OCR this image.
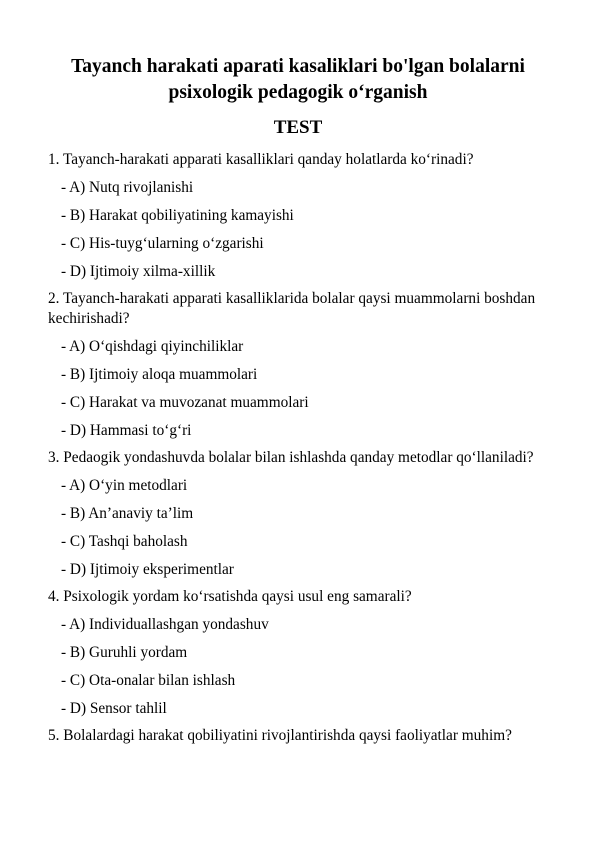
Tayanch harakati aparati kasaliklari bo'lgan bolalarni psixologik pedagogik o‘rganish
TEST

1. Tayanch-harakati apparati kasalliklari qanday holatlarda ko‘rinadi?

- A) Nutq rivojlanishi

- B) Harakat qobiliyatining kamayishi

- C) His-tuyg‘ularning o‘zgarishi

- D) Ijtimoiy xilma-xillik

2. Tayanch-harakati apparati kasalliklarida bolalar qaysi muammolarni boshdan kechirishadi?

- A) O‘qishdagi qiyinchiliklar

- B) Ijtimoiy aloqa muammolari

- C) Harakat va muvozanat muammolari

- D) Hammasi to‘g‘ri

3. Pedaogik yondashuvda bolalar bilan ishlashda qanday metodlar qo‘llaniladi?

- A) O‘yin metodlari

- B) An’anaviy ta’lim

- C) Tashqi baholash

- D) Ijtimoiy eksperimentlar

4. Psixologik yordam ko‘rsatishda qaysi usul eng samarali?

- A) Individuallashgan yondashuv

- B) Guruhli yordam

- C) Ota-onalar bilan ishlash

- D) Sensor tahlil

5. Bolalardagi harakat qobiliyatini rivojlantirishda qaysi faoliyatlar muhim?
